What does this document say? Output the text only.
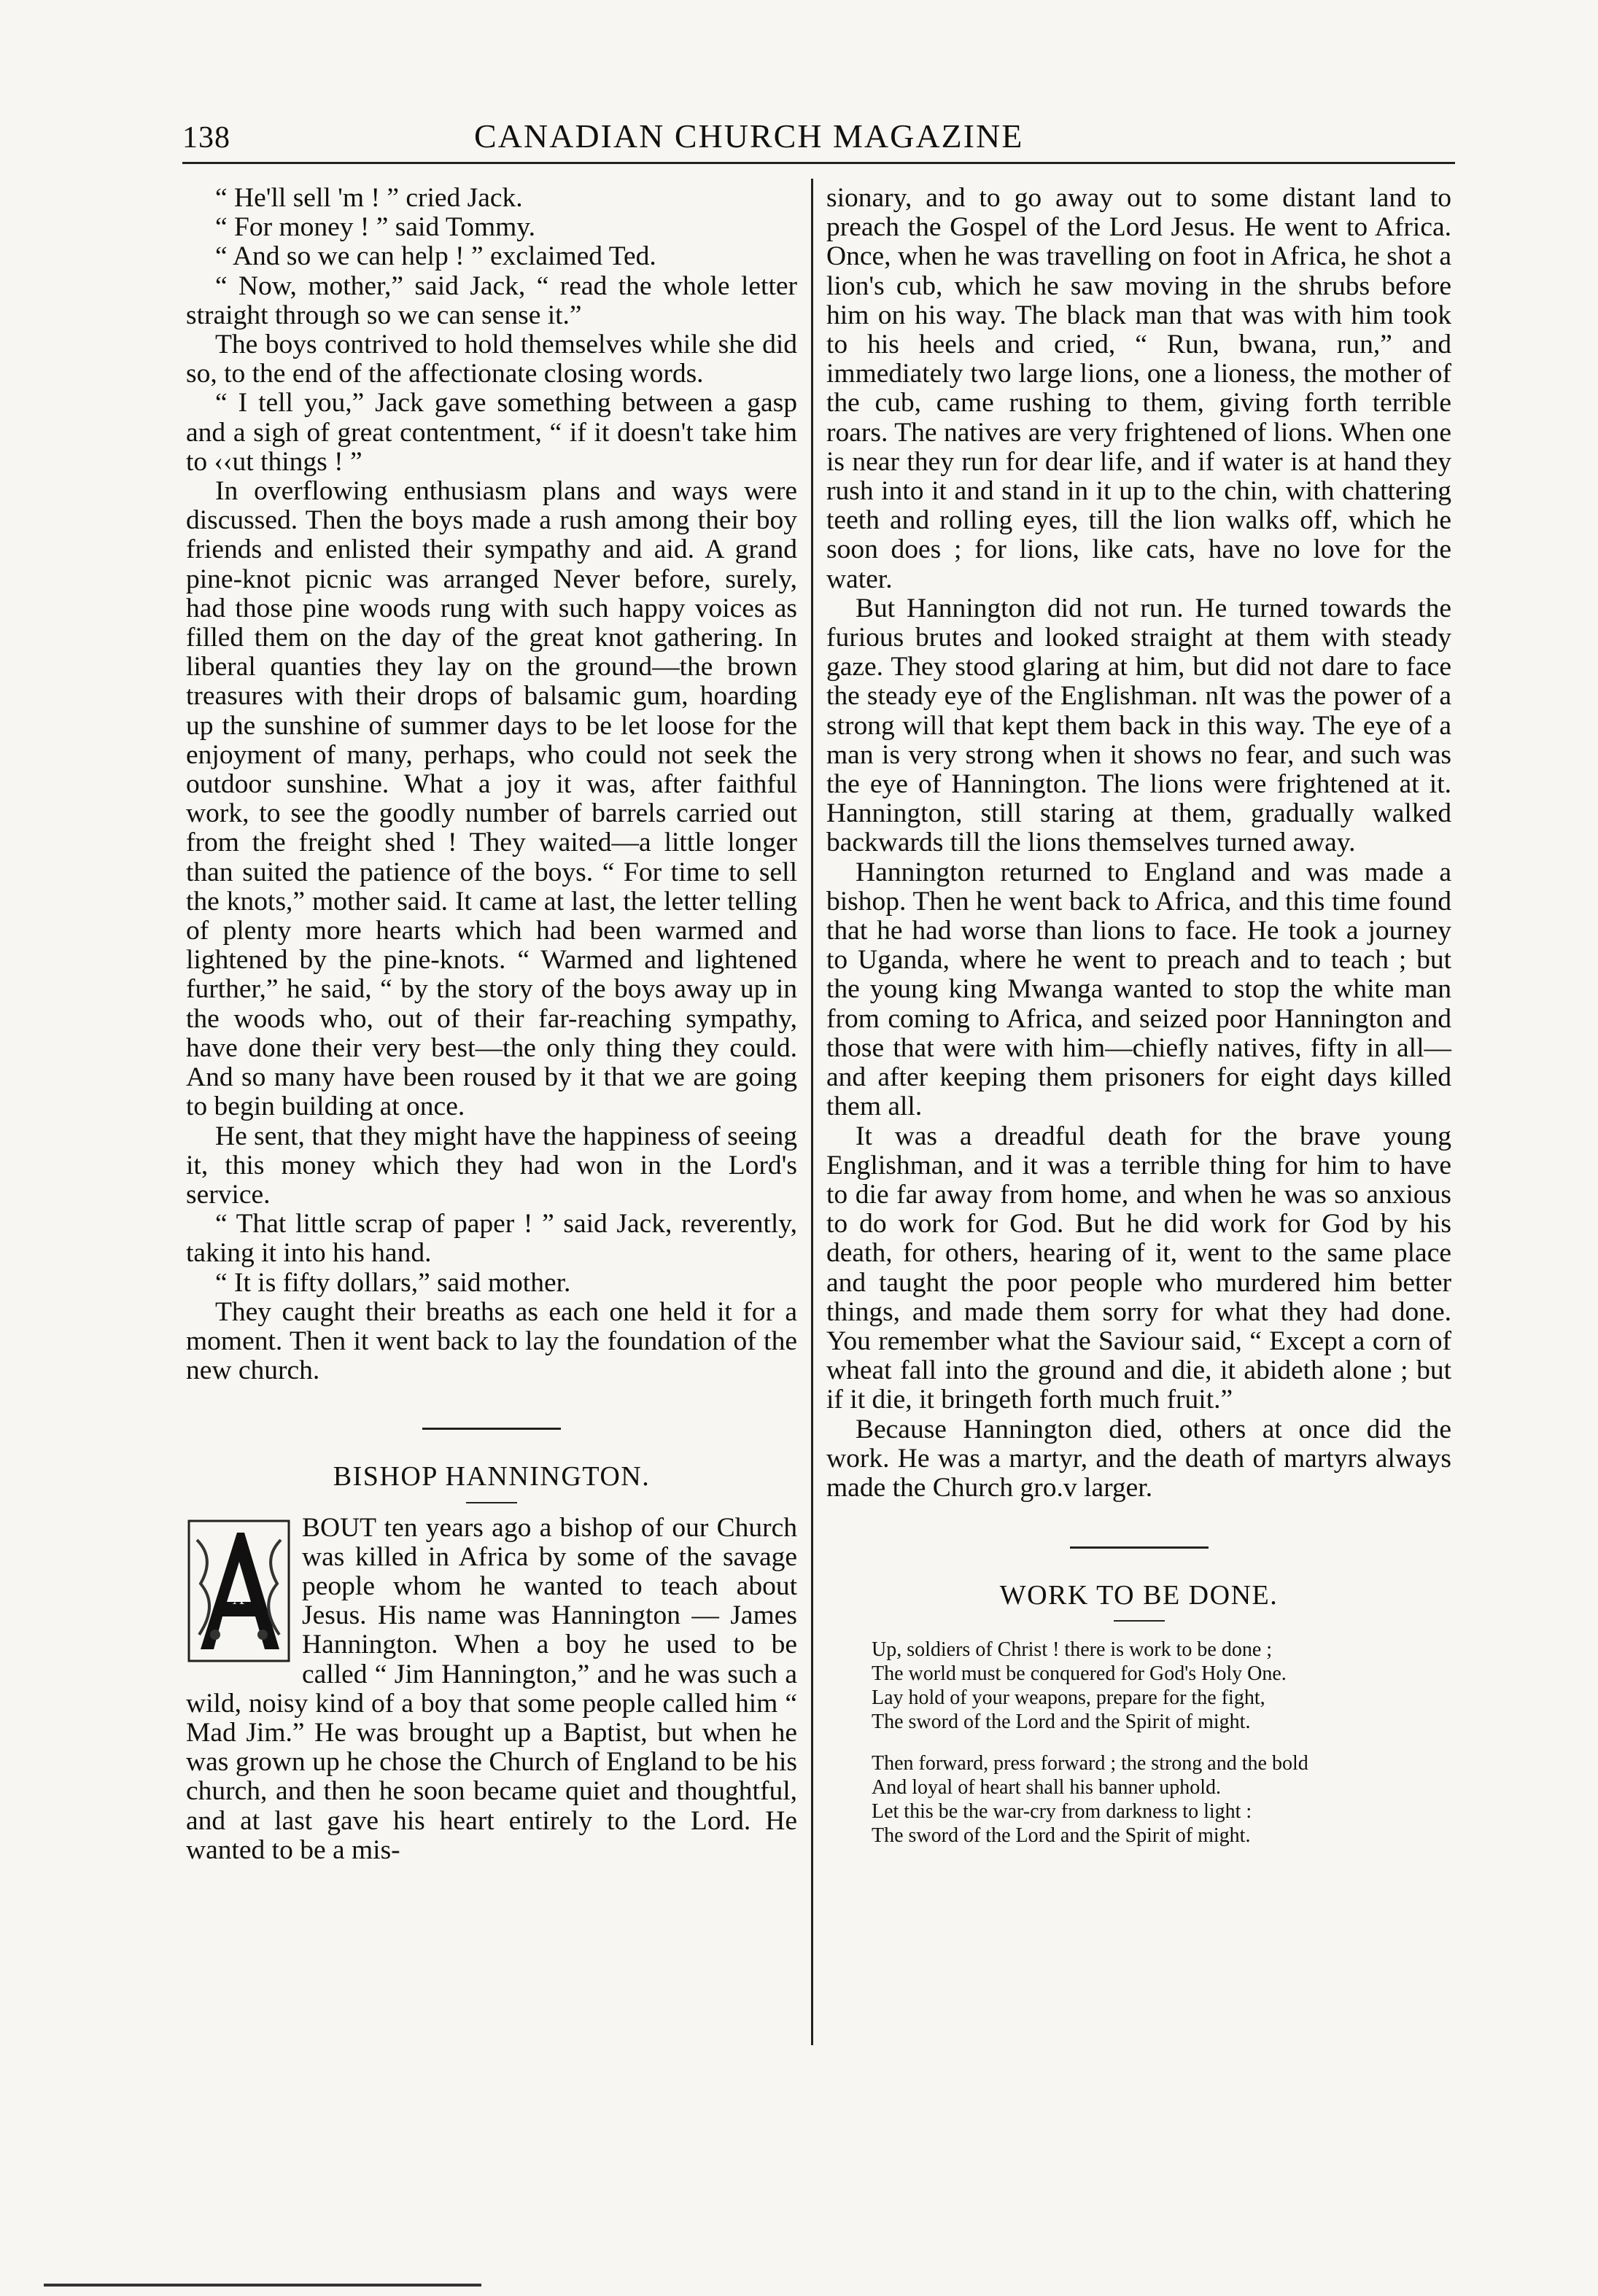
138	CANADIAN CHURCH MAGAZINE

“ He'll sell 'm ! ” cried Jack.

“ For money ! ” said Tommy.

“ And so we can help ! ” exclaimed Ted.

“ Now, mother,” said Jack, “ read the whole letter straight through so we can sense it.”

The boys contrived to hold themselves while she did so, to the end of the affectionate closing words.

“ I tell you,” Jack gave something between a gasp and a sigh of great contentment, “ if it doesn't take him to ‹‹ut things ! ”

In overflowing enthusiasm plans and ways were discussed. Then the boys made a rush among their boy friends and enlisted their sympathy and aid. A grand pine-knot picnic was arranged Never before, surely, had those pine woods rung with such happy voices as filled them on the day of the great knot gathering. In liberal quanties they lay on the ground—the brown treasures with their drops of balsamic gum, hoarding up the sunshine of summer days to be let loose for the enjoyment of many, perhaps, who could not seek the outdoor sunshine. What a joy it was, after faithful work, to see the goodly number of barrels carried out from the freight shed ! They waited—a little longer than suited the patience of the boys. “ For time to sell the knots,” mother said. It came at last, the letter telling of plenty more hearts which had been warmed and lightened by the pine-knots. “ Warmed and lightened further,” he said, “ by the story of the boys away up in the woods who, out of their far-reaching sympathy, have done their very best—the only thing they could. And so many have been roused by it that we are going to begin building at once.

He sent, that they might have the happiness of seeing it, this money which they had won in the Lord's service.

“ That little scrap of paper ! ” said Jack, reverently, taking it into his hand.

“ It is fifty dollars,” said mother.

They caught their breaths as each one held it for a moment. Then it went back to lay the foundation of the new church.

BISHOP HANNINGTON.

A
BOUT ten years ago a bishop of our Church was killed in Africa by some of the savage people whom he wanted to teach about Jesus. His name was Hannington — James Hannington. When a boy he used to be called “ Jim Hannington,” and he was such a wild, noisy kind of a boy that some people called him “ Mad Jim.” He was brought up a Baptist, but when he was grown up he chose the Church of England to be his church, and then he soon became quiet and thoughtful, and at last gave his heart entirely to the Lord. He wanted to be a mis-

sionary, and to go away out to some distant land to preach the Gospel of the Lord Jesus. He went to Africa. Once, when he was travelling on foot in Africa, he shot a lion's cub, which he saw moving in the shrubs before him on his way. The black man that was with him took to his heels and cried, “ Run, bwana, run,” and immediately two large lions, one a lioness, the mother of the cub, came rushing to them, giving forth terrible roars. The natives are very frightened of lions. When one is near they run for dear life, and if water is at hand they rush into it and stand in it up to the chin, with chattering teeth and rolling eyes, till the lion walks off, which he soon does ; for lions, like cats, have no love for the water.

But Hannington did not run. He turned towards the furious brutes and looked straight at them with steady gaze. They stood glaring at him, but did not dare to face the steady eye of the Englishman. nIt was the power of a strong will that kept them back in this way. The eye of a man is very strong when it shows no fear, and such was the eye of Hannington. The lions were frightened at it. Hannington, still staring at them, gradually walked backwards till the lions themselves turned away.

Hannington returned to England and was made a bishop. Then he went back to Africa, and this time found that he had worse than lions to face. He took a journey to Uganda, where he went to preach and to teach ; but the young king Mwanga wanted to stop the white man from coming to Africa, and seized poor Hannington and those that were with him—chiefly natives, fifty in all—and after keeping them prisoners for eight days killed them all.

It was a dreadful death for the brave young Englishman, and it was a terrible thing for him to have to die far away from home, and when he was so anxious to do work for God. But he did work for God by his death, for others, hearing of it, went to the same place and taught the poor people who murdered him better things, and made them sorry for what they had done. You remember what the Saviour said, “ Except a corn of wheat fall into the ground and die, it abideth alone ; but if it die, it bringeth forth much fruit.”

Because Hannington died, others at once did the work. He was a martyr, and the death of martyrs always made the Church gro.v larger.

WORK TO BE DONE.
Up, soldiers of Christ ! there is work to be done ;
The world must be conquered for God's Holy One.
Lay hold of your weapons, prepare for the fight,
The sword of the Lord and the Spirit of might.
Then forward, press forward ; the strong and the bold
And loyal of heart shall his banner uphold.
Let this be the war-cry from darkness to light :
The sword of the Lord and the Spirit of might.
